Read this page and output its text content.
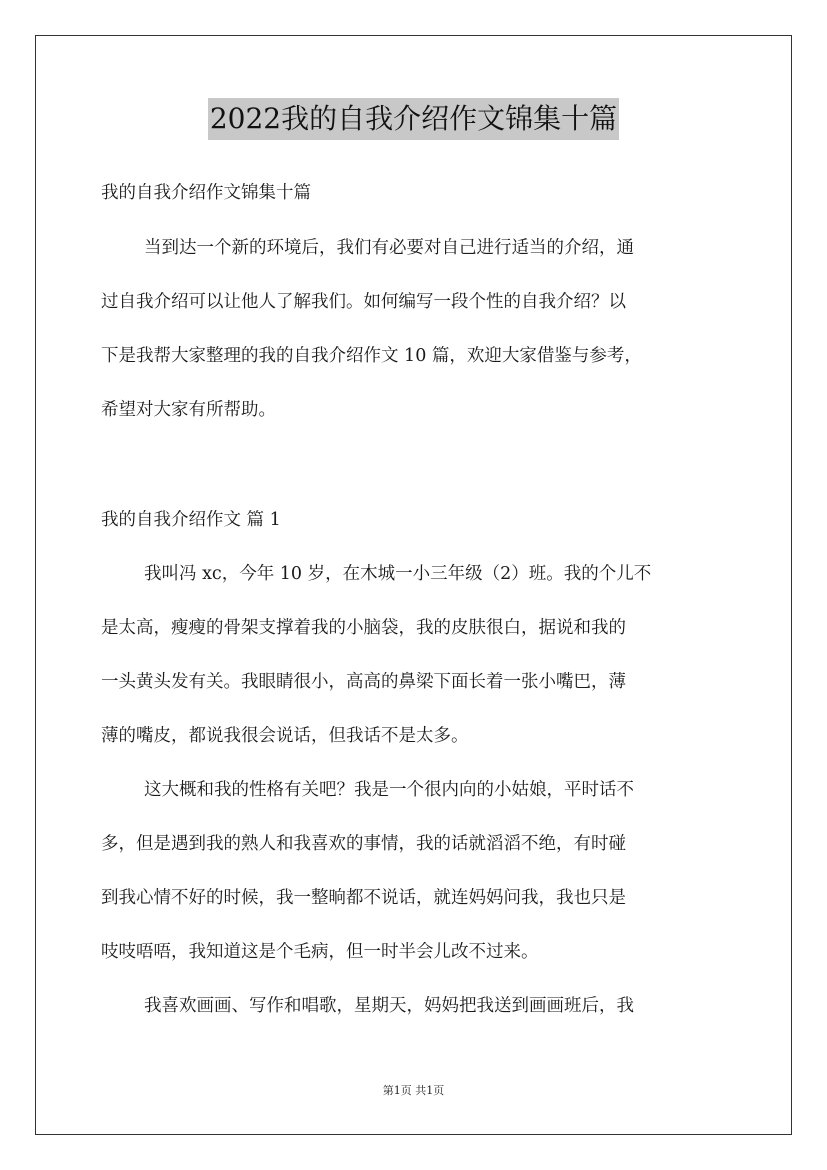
2022我的自我介绍作文锦集十篇
我的自我介绍作文锦集十篇
当到达一个新的环境后，我们有必要对自己进行适当的介绍，通
过自我介绍可以让他人了解我们。如何编写一段个性的自我介绍？以
下是我帮大家整理的我的自我介绍作文 10 篇，欢迎大家借鉴与参考，
希望对大家有所帮助。
我的自我介绍作文 篇 1
我叫冯 xc，今年 10 岁，在木城一小三年级（2）班。我的个儿不
是太高，瘦瘦的骨架支撑着我的小脑袋，我的皮肤很白，据说和我的
一头黄头发有关。我眼睛很小，高高的鼻梁下面长着一张小嘴巴，薄
薄的嘴皮，都说我很会说话，但我话不是太多。
这大概和我的性格有关吧？我是一个很内向的小姑娘，平时话不
多，但是遇到我的熟人和我喜欢的事情，我的话就滔滔不绝，有时碰
到我心情不好的时候，我一整晌都不说话，就连妈妈问我，我也只是
吱吱唔唔，我知道这是个毛病，但一时半会儿改不过来。
我喜欢画画、写作和唱歌，星期天，妈妈把我送到画画班后，我
第1页 共1页
